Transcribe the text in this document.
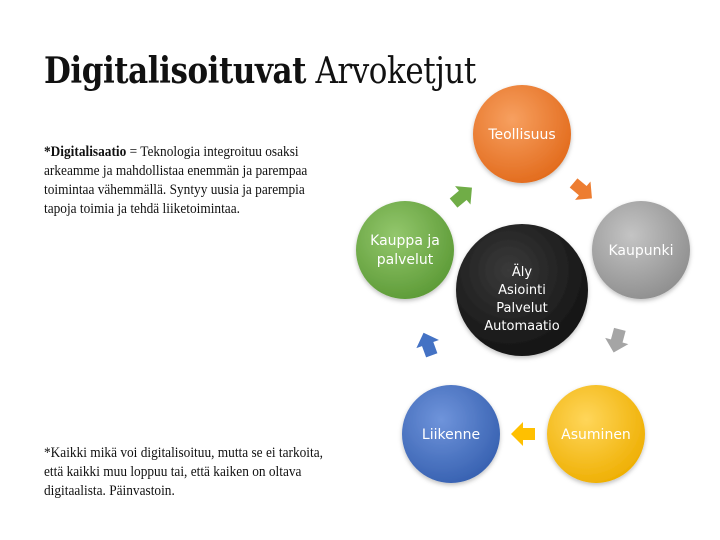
Digitalisoituvat Arvoketjut

*Digitalisaatio = Teknologia integroituu osaksi arkeamme ja mahdollistaa enemmän ja parempaa toimintaa vähemmällä. Syntyy uusia ja parempia tapoja toimia ja tehdä liiketoimintaa.

*Kaikki mikä voi digitalisoituu, mutta se ei tarkoita, että kaikki muu loppuu tai, että kaiken on oltava digitaalista. Päinvastoin.

Äly Asiointi Palvelut Automaatio
Teollisuus
Kaupunki
Asuminen
Liikenne
Kauppa ja palvelut
